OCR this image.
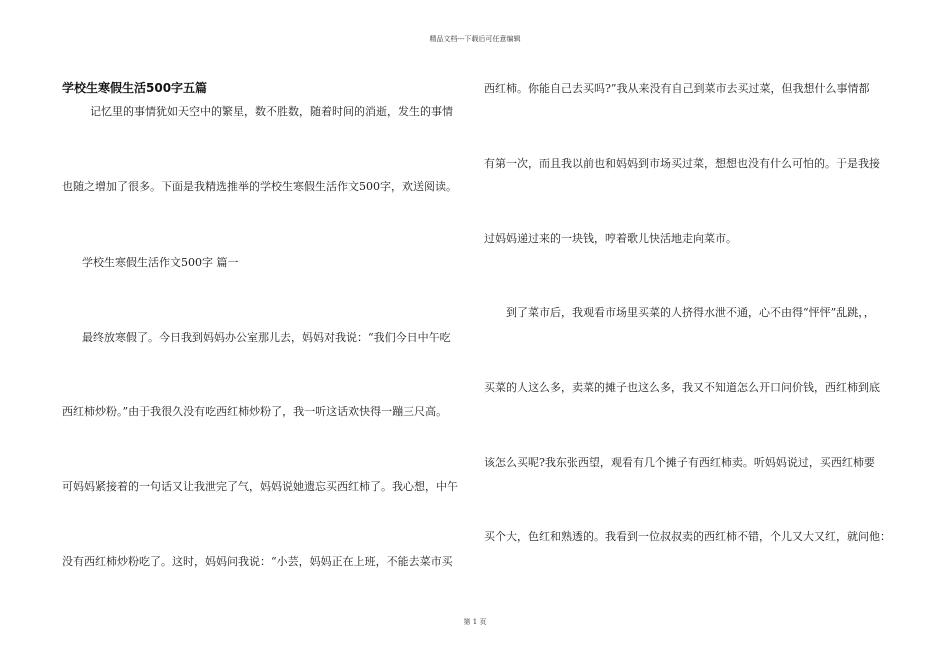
精品文档---下载后可任意编辑
学校生寒假生活500字五篇
记忆里的事情犹如天空中的繁星，数不胜数，随着时间的消逝，发生的事情
也随之增加了很多。下面是我精选推举的学校生寒假生活作文500字，欢送阅读。
学校生寒假生活作文500字 篇一
最终放寒假了。今日我到妈妈办公室那儿去，妈妈对我说：“我们今日中午吃
西红柿炒粉。”由于我很久没有吃西红柿炒粉了，我一听这话欢快得一蹦三尺高。
可妈妈紧接着的一句话又让我泄完了气，妈妈说她遗忘买西红柿了。我心想，中午
没有西红柿炒粉吃了。这时，妈妈问我说：“小芸，妈妈正在上班，不能去菜市买
西红柿。你能自己去买吗?”我从来没有自己到菜市去买过菜，但我想什么事情都
有第一次，而且我以前也和妈妈到市场买过菜，想想也没有什么可怕的。于是我接
过妈妈递过来的一块钱，哼着歌儿快活地走向菜市。
到了菜市后，我观看市场里买菜的人挤得水泄不通，心不由得“怦怦”乱跳，，
买菜的人这么多，卖菜的摊子也这么多，我又不知道怎么开口问价钱，西红柿到底
该怎么买呢?我东张西望，观看有几个摊子有西红柿卖。听妈妈说过，买西红柿要
买个大，色红和熟透的。我看到一位叔叔卖的西红柿不错，个儿又大又红，就问他：
第 1 页
